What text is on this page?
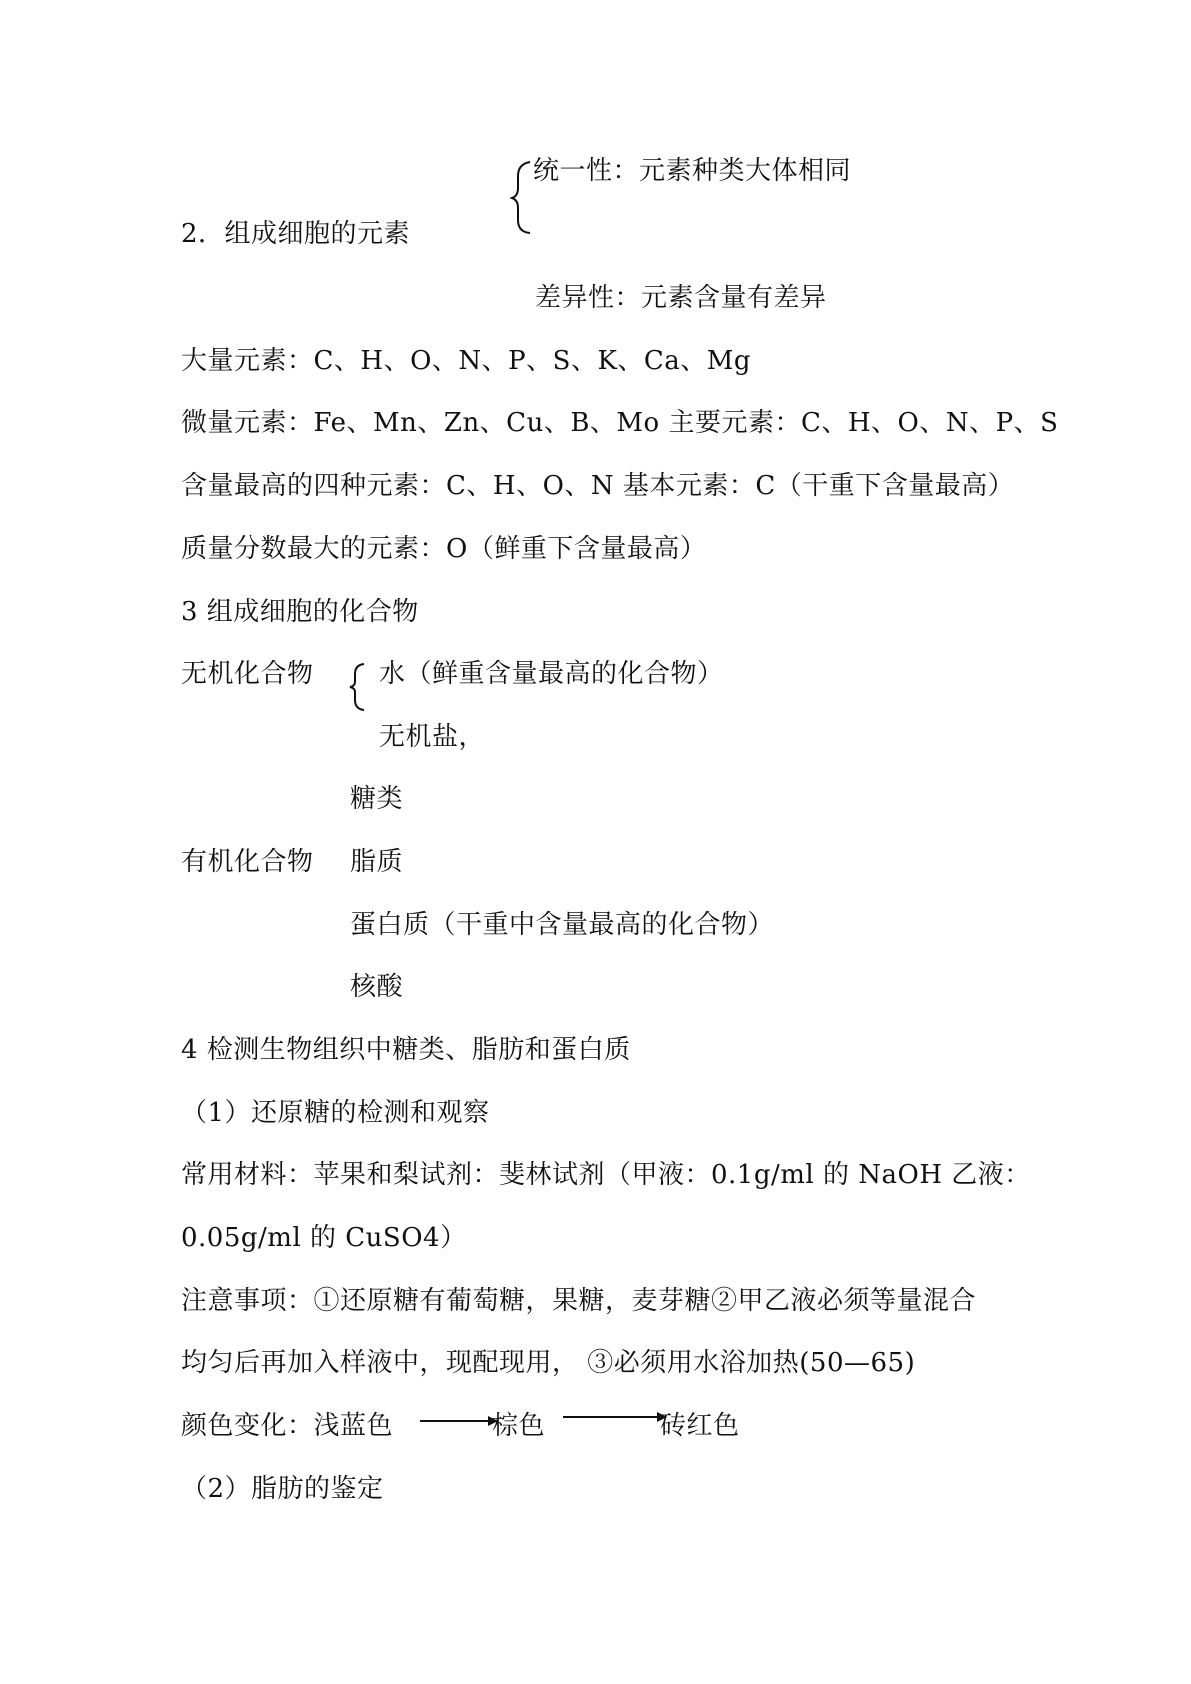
统一性：元素种类大体相同
2．组成细胞的元素
差异性：元素含量有差异
大量元素：C、H、O、N、P、S、K、Ca、Mg
微量元素：Fe、Mn、Zn、Cu、B、Mo 主要元素：C、H、O、N、P、S
含量最高的四种元素：C、H、O、N 基本元素：C（干重下含量最高）
质量分数最大的元素：O（鲜重下含量最高）
3 组成细胞的化合物
无机化合物	水（鲜重含量最高的化合物）
无机盐，
糖类
有机化合物 脂质
蛋白质（干重中含量最高的化合物）
核酸
4 检测生物组织中糖类、脂肪和蛋白质
（1）还原糖的检测和观察
常用材料：苹果和梨试剂：斐林试剂（甲液：0.1g/ml 的 NaOH 乙液：
0.05g/ml 的 CuSO4）
注意事项：①还原糖有葡萄糖，果糖，麦芽糖②甲乙液必须等量混合
均匀后再加入样液中，现配现用， ③必须用水浴加热(50—65)
颜色变化：浅蓝色	棕色	砖红色
（2）脂肪的鉴定
